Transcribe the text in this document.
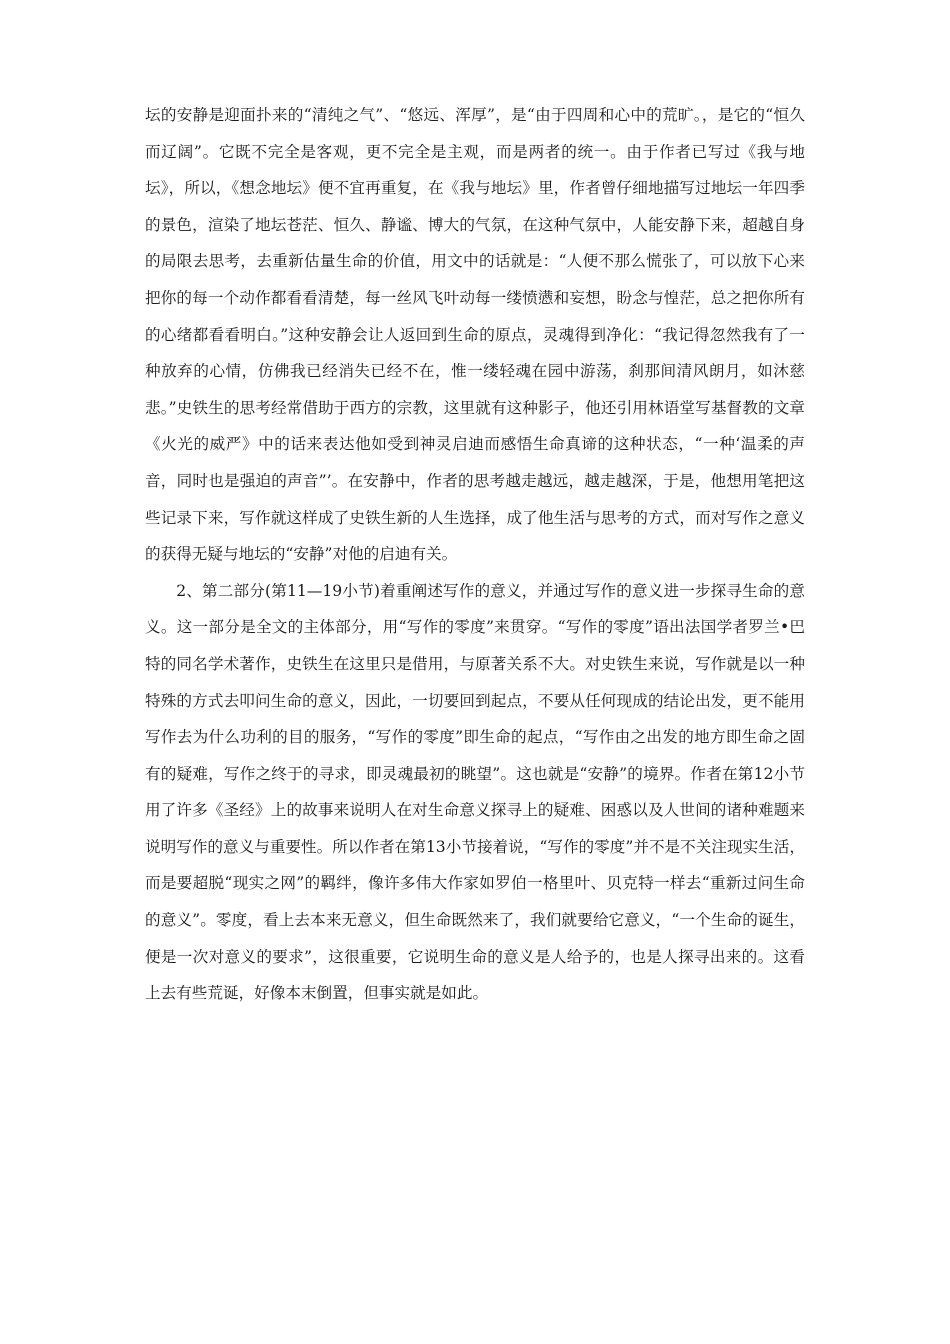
坛的安静是迎面扑来的“清纯之气”、“悠远、浑厚”，是“由于四周和心中的荒旷。，是它的“恒久而辽阔”。它既不完全是客观，更不完全是主观，而是两者的统一。由于作者已写过《我与地坛》，所以，《想念地坛》便不宜再重复，在《我与地坛》里，作者曾仔细地描写过地坛一年四季的景色，渲染了地坛苍茫、恒久、静谧、博大的气氛，在这种气氛中，人能安静下来，超越自身的局限去思考，去重新估量生命的价值，用文中的话就是：“人便不那么慌张了，可以放下心来把你的每一个动作都看看清楚，每一丝风飞叶动每一缕愤懑和妄想，盼念与惶茫，总之把你所有的心绪都看看明白。”这种安静会让人返回到生命的原点，灵魂得到净化：“我记得忽然我有了一种放弃的心情，仿佛我已经消失已经不在，惟一缕轻魂在园中游荡，刹那间清风朗月，如沐慈悲。”史铁生的思考经常借助于西方的宗教，这里就有这种影子，他还引用林语堂写基督教的文章《火光的威严》中的话来表达他如受到神灵启迪而感悟生命真谛的这种状态，“一种‘温柔的声音，同时也是强迫的声音”’。在安静中，作者的思考越走越远，越走越深，于是，他想用笔把这些记录下来，写作就这样成了史铁生新的人生选择，成了他生活与思考的方式，而对写作之意义的获得无疑与地坛的“安静”对他的启迪有关。

2、第二部分(第11—19小节)着重阐述写作的意义，并通过写作的意义进一步探寻生命的意义。这一部分是全文的主体部分，用“写作的零度”来贯穿。“写作的零度”语出法国学者罗兰•巴特的同名学术著作，史铁生在这里只是借用，与原著关系不大。对史铁生来说，写作就是以一种特殊的方式去叩问生命的意义，因此，一切要回到起点，不要从任何现成的结论出发，更不能用写作去为什么功利的目的服务，“写作的零度”即生命的起点，“写作由之出发的地方即生命之固有的疑难，写作之终于的寻求，即灵魂最初的眺望”。这也就是“安静”的境界。作者在第12小节用了许多《圣经》上的故事来说明人在对生命意义探寻上的疑难、困惑以及人世间的诸种难题来说明写作的意义与重要性。所以作者在第13小节接着说，“写作的零度”并不是不关注现实生活，而是要超脱“现实之网”的羁绊，像许多伟大作家如罗伯一格里叶、贝克特一样去“重新过问生命的意义”。零度，看上去本来无意义，但生命既然来了，我们就要给它意义，“一个生命的诞生，便是一次对意义的要求”，这很重要，它说明生命的意义是人给予的，也是人探寻出来的。这看上去有些荒诞，好像本末倒置，但事实就是如此。
